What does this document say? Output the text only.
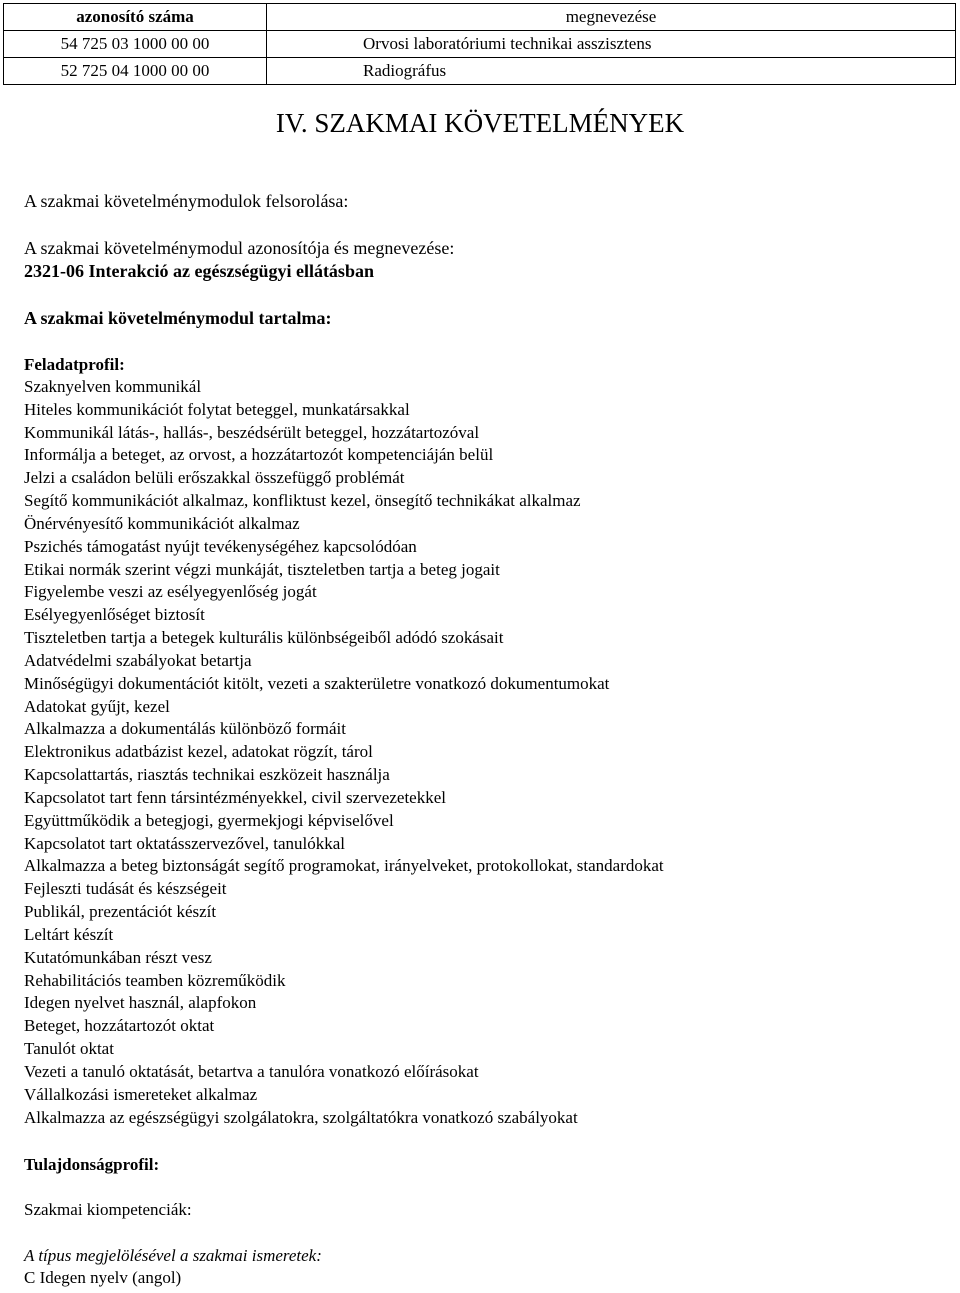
azonosító száma	megnevezése
54 725 03 1000 00 00	Orvosi laboratóriumi technikai asszisztens
52 725 04 1000 00 00	Radiográfus
IV. SZAKMAI KÖVETELMÉNYEK
A szakmai követelménymodulok felsorolása:
A szakmai követelménymodul azonosítója és megnevezése:
2321-06 Interakció az egészségügyi ellátásban
A szakmai követelménymodul tartalma:
Feladatprofil:
Szaknyelven kommunikál
Hiteles kommunikációt folytat beteggel, munkatársakkal
Kommunikál látás-, hallás-, beszédsérült beteggel, hozzátartozóval
Informálja a beteget, az orvost, a hozzátartozót kompetenciáján belül
Jelzi a családon belüli erőszakkal összefüggő problémát
Segítő kommunikációt alkalmaz, konfliktust kezel, önsegítő technikákat alkalmaz
Önérvényesítő kommunikációt alkalmaz
Pszichés támogatást nyújt tevékenységéhez kapcsolódóan
Etikai normák szerint végzi munkáját, tiszteletben tartja a beteg jogait
Figyelembe veszi az esélyegyenlőség jogát
Esélyegyenlőséget biztosít
Tiszteletben tartja a betegek kulturális különbségeiből adódó szokásait
Adatvédelmi szabályokat betartja
Minőségügyi dokumentációt kitölt, vezeti a szakterületre vonatkozó dokumentumokat
Adatokat gyűjt, kezel
Alkalmazza a dokumentálás különböző formáit
Elektronikus adatbázist kezel, adatokat rögzít, tárol
Kapcsolattartás, riasztás technikai eszközeit használja
Kapcsolatot tart fenn társintézményekkel, civil szervezetekkel
Együttműködik a betegjogi, gyermekjogi képviselővel
Kapcsolatot tart oktatásszervezővel, tanulókkal
Alkalmazza a beteg biztonságát segítő programokat, irányelveket, protokollokat, standardokat
Fejleszti tudását és készségeit
Publikál, prezentációt készít
Leltárt készít
Kutatómunkában részt vesz
Rehabilitációs teamben közreműködik
Idegen nyelvet használ, alapfokon
Beteget, hozzátartozót oktat
Tanulót oktat
Vezeti a tanuló oktatását, betartva a tanulóra vonatkozó előírásokat
Vállalkozási ismereteket alkalmaz
Alkalmazza az egészségügyi szolgálatokra, szolgáltatókra vonatkozó szabályokat
Tulajdonságprofil:
Szakmai kiompetenciák:
A típus megjelölésével a szakmai ismeretek:
C Idegen nyelv (angol)
